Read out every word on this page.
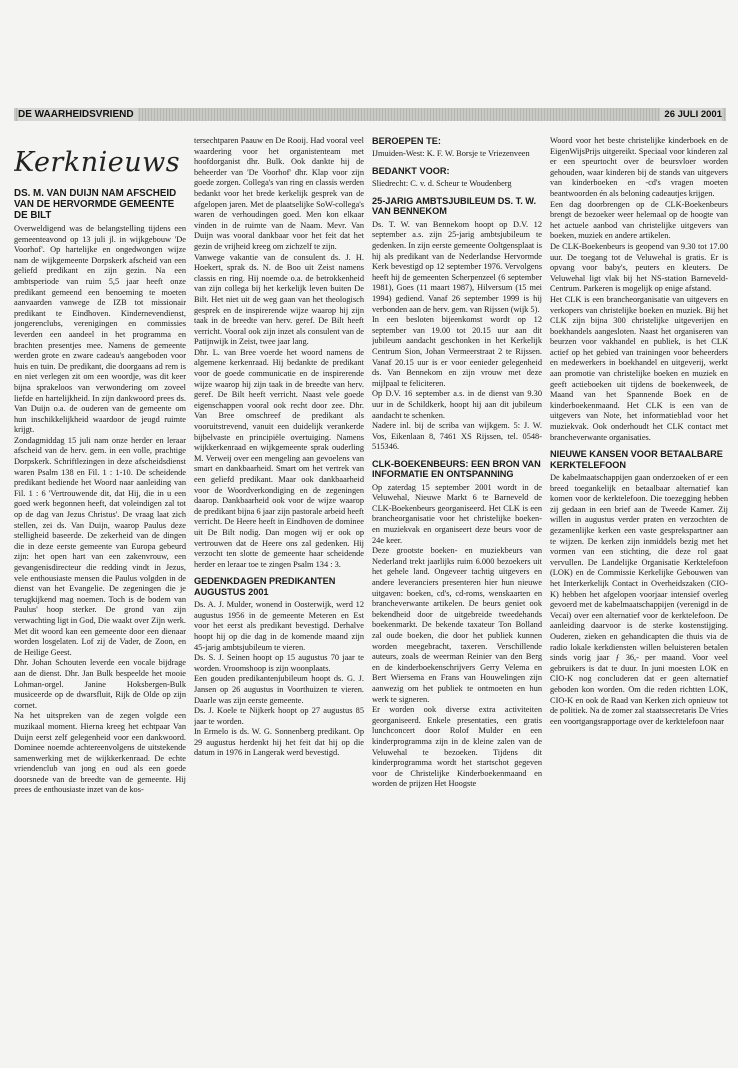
DE WAARHEIDSVRIEND	26 JULI 2001
Kerknieuws
DS. M. VAN DUIJN NAM AFSCHEID VAN DE HERVORMDE GEMEENTE DE BILT

Overweldigend was de belangstelling tijdens een gemeenteavond op 13 juli jl. in wijkgebouw 'De Voorhof'. Op hartelijke en ongedwongen wijze nam de wijkgemeente Dorpskerk afscheid van een geliefd predikant en zijn gezin. Na een ambtsperiode van ruim 5,5 jaar heeft onze predikant gemeend een benoeming te moeten aanvaarden vanwege de IZB tot missionair predikant te Eindhoven. Kindernevendienst, jongerenclubs, verenigingen en commissies leverden een aandeel in het programma en brachten presentjes mee. Namens de gemeente werden grote en zware cadeau's aangeboden voor huis en tuin. De predikant, die doorgaans ad rem is en niet verlegen zit om een woordje, was dit keer bijna sprakeloos van verwondering om zoveel liefde en hartelijkheid. In zijn dankwoord prees ds. Van Duijn o.a. de ouderen van de gemeente om hun inschikkelijkheid waardoor de jeugd ruimte krijgt.

Zondagmiddag 15 juli nam onze herder en leraar afscheid van de herv. gem. in een volle, prachtige Dorpskerk. Schriftlezingen in deze afscheidsdienst waren Psalm 138 en Fil. 1 : 1-10. De scheidende predikant bediende het Woord naar aanleiding van Fil. 1 : 6 'Vertrouwende dit, dat Hij, die in u een goed werk begonnen heeft, dat voleindigen zal tot op de dag van Jezus Christus'. De vraag laat zich stellen, zei ds. Van Duijn, waarop Paulus deze stelligheid baseerde. De zekerheid van de dingen die in deze eerste gemeente van Europa gebeurd zijn: het open hart van een zakenvrouw, een gevangenisdirecteur die redding vindt in Jezus, vele enthousiaste mensen die Paulus volgden in de dienst van het Evangelie. De zegeningen die je terugkijkend mag noemen. Toch is de bodem van Paulus' hoop sterker. De grond van zijn verwachting ligt in God, Die waakt over Zijn werk. Met dit woord kan een gemeente door een dienaar worden losgelaten. Lof zij de Vader, de Zoon, en de Heilige Geest.

Dhr. Johan Schouten leverde een vocale bijdrage aan de dienst. Dhr. Jan Bulk bespeelde het mooie Lohman-orgel. Janine Hoksbergen-Bulk musiceerde op de dwarsfluit, Rijk de Olde op zijn cornet.

Na het uitspreken van de zegen volgde een muzikaal moment. Hierna kreeg het echtpaar Van Duijn eerst zelf gelegenheid voor een dankwoord. Dominee noemde achtereenvolgens de uitstekende samenwerking met de wijkkerkenraad. De echte vriendenclub van jong en oud als een goede doorsnede van de breedte van de gemeente. Hij prees de enthousiaste inzet van de kos-

tersechtparen Paauw en De Rooij. Had vooral veel waardering voor het organistenteam met hoofdorganist dhr. Bulk. Ook dankte hij de beheerder van 'De Voorhof' dhr. Klap voor zijn goede zorgen. Collega's van ring en classis werden bedankt voor het brede kerkelijk gesprek van de afgelopen jaren. Met de plaatselijke SoW-collega's waren de verhoudingen goed. Men kon elkaar vinden in de ruimte van de Naam. Mevr. Van Duijn was vooral dankbaar voor het feit dat het gezin de vrijheid kreeg om zichzelf te zijn.

Vanwege vakantie van de consulent ds. J. H. Hoekert, sprak ds. N. de Boo uit Zeist namens classis en ring. Hij noemde o.a. de betrokkenheid van zijn collega bij het kerkelijk leven buiten De Bilt. Het niet uit de weg gaan van het theologisch gesprek en de inspirerende wijze waarop hij zijn taak in de breedte van herv. geref. De Bilt heeft verricht. Vooral ook zijn inzet als consulent van de Patijnwijk in Zeist, twee jaar lang.

Dhr. L. van Bree voerde het woord namens de algemene kerkenraad. Hij bedankte de predikant voor de goede communicatie en de inspirerende wijze waarop hij zijn taak in de breedte van herv. geref. De Bilt heeft verricht. Naast vele goede eigenschappen vooral ook recht door zee. Dhr. Van Bree omschreef de predikant als vooruitstrevend, vanuit een duidelijk verankerde bijbelvaste en principiële overtuiging. Namens wijkkerkenraad en wijkgemeente sprak ouderling M. Verweij over een mengeling aan gevoelens van smart en dankbaarheid. Smart om het vertrek van een geliefd predikant. Maar ook dankbaarheid voor de Woordverkondiging en de zegeningen daarop. Dankbaarheid ook voor de wijze waarop de predikant bijna 6 jaar zijn pastorale arbeid heeft verricht. De Heere heeft in Eindhoven de dominee uit De Bilt nodig. Dan mogen wij er ook op vertrouwen dat de Heere ons zal gedenken. Hij verzocht ten slotte de gemeente haar scheidende herder en leraar toe te zingen Psalm 134 : 3.

GEDENKDAGEN PREDIKANTEN AUGUSTUS 2001

Ds. A. J. Mulder, wonend in Oosterwijk, werd 12 augustus 1956 in de gemeente Meteren en Est voor het eerst als predikant bevestigd. Derhalve hoopt hij op die dag in de komende maand zijn 45-jarig ambtsjubileum te vieren.

Ds. S. J. Seinen hoopt op 15 augustus 70 jaar te worden. Vroomshoop is zijn woonplaats.

Een gouden predikantenjubileum hoopt ds. G. J. Jansen op 26 augustus in Voorthuizen te vieren. Daarle was zijn eerste gemeente.

Ds. J. Koele te Nijkerk hoopt op 27 augustus 85 jaar te worden.

In Ermelo is ds. W. G. Sonnenberg predikant. Op 29 augustus herdenkt hij het feit dat hij op die datum in 1976 in Langerak werd bevestigd.

BEROEPEN TE:

IJmuiden-West: K. F. W. Borsje te Vriezenveen

BEDANKT VOOR:

Sliedrecht: C. v. d. Scheur te Woudenberg

25-JARIG AMBTSJUBILEUM DS. T. W. VAN BENNEKOM

Ds. T. W. van Bennekom hoopt op D.V. 12 september a.s. zijn 25-jarig ambtsjubileum te gedenken. In zijn eerste gemeente Ooltgensplaat is hij als predikant van de Nederlandse Hervormde Kerk bevestigd op 12 september 1976. Vervolgens heeft hij de gemeenten Scherpenzeel (6 september 1981), Goes (11 maart 1987), Hilversum (15 mei 1994) gediend. Vanaf 26 september 1999 is hij verbonden aan de herv. gem. van Rijssen (wijk 5).

In een besloten bijeenkomst wordt op 12 september van 19.00 tot 20.15 uur aan dit jubileum aandacht geschonken in het Kerkelijk Centrum Sion, Johan Vermeerstraat 2 te Rijssen. Vanaf 20.15 uur is er voor eenieder gelegenheid ds. Van Bennekom en zijn vrouw met deze mijlpaal te feliciteren.

Op D.V. 16 september a.s. in de dienst van 9.30 uur in de Schildkerk, hoopt hij aan dit jubileum aandacht te schenken.

Nadere inl. bij de scriba van wijkgem. 5: J. W. Vos, Eikenlaan 8, 7461 XS Rijssen, tel. 0548-515346.

CLK-BOEKENBEURS: EEN BRON VAN INFORMATIE EN ONTSPANNING

Op zaterdag 15 september 2001 wordt in de Veluwehal, Nieuwe Markt 6 te Barneveld de CLK-Boekenbeurs georganiseerd. Het CLK is een brancheorganisatie voor het christelijke boeken- en muziekvak en organiseert deze beurs voor de 24e keer.

Deze grootste boeken- en muziekbeurs van Nederland trekt jaarlijks ruim 6.000 bezoekers uit het gehele land. Ongeveer tachtig uitgevers en andere leveranciers presenteren hier hun nieuwe uitgaven: boeken, cd's, cd-roms, wenskaarten en brancheverwante artikelen. De beurs geniet ook bekendheid door de uitgebreide tweedehands boekenmarkt. De bekende taxateur Ton Bolland zal oude boeken, die door het publiek kunnen worden meegebracht, taxeren. Verschillende auteurs, zoals de weerman Reinier van den Berg en de kinderboekenschrijvers Gerry Velema en Bert Wiersema en Frans van Houwelingen zijn aanwezig om het publiek te ontmoeten en hun werk te signeren.

Er worden ook diverse extra activiteiten georganiseerd. Enkele presentaties, een gratis lunchconcert door Rolof Mulder en een kinderprogramma zijn in de kleine zalen van de Veluwehal te bezoeken. Tijdens dit kinderprogramma wordt het startschot gegeven voor de Christelijke Kinderboekenmaand en worden de prijzen Het Hoogste

Woord voor het beste christelijke kinderboek en de EigenWijsPrijs uitgereikt. Speciaal voor kinderen zal er een speurtocht over de beursvloer worden gehouden, waar kinderen bij de stands van uitgevers van kinderboeken en -cd's vragen moeten beantwoorden én als beloning cadeautjes krijgen.

Een dag doorbrengen op de CLK-Boekenbeurs brengt de bezoeker weer helemaal op de hoogte van het actuele aanbod van christelijke uitgevers van boeken, muziek en andere artikelen.

De CLK-Boekenbeurs is geopend van 9.30 tot 17.00 uur. De toegang tot de Veluwehal is gratis. Er is opvang voor baby's, peuters en kleuters. De Veluwehal ligt vlak bij het NS-station Barneveld-Centrum. Parkeren is mogelijk op enige afstand.

Het CLK is een brancheorganisatie van uitgevers en verkopers van christelijke boeken en muziek. Bij het CLK zijn bijna 300 christelijke uitgeverijen en boekhandels aangesloten. Naast het organiseren van beurzen voor vakhandel en publiek, is het CLK actief op het gebied van trainingen voor beheerders en medewerkers in boekhandel en uitgeverij, werkt aan promotie van christelijke boeken en muziek en geeft actieboeken uit tijdens de boekenweek, de Maand van het Spannende Boek en de kinderboekenmaand. Het CLK is een van de uitgevers van Note, het informatieblad voor het muziekvak. Ook onderhoudt het CLK contact met brancheverwante organisaties.

NIEUWE KANSEN VOOR BETAALBARE KERKTELEFOON

De kabelmaatschappijen gaan onderzoeken of er een breed toegankelijk en betaalbaar alternatief kan komen voor de kerktelefoon. Die toezegging hebben zij gedaan in een brief aan de Tweede Kamer. Zij willen in augustus verder praten en verzochten de gezamenlijke kerken een vaste gesprekspartner aan te wijzen. De kerken zijn inmiddels bezig met het vormen van een stichting, die deze rol gaat vervullen. De Landelijke Organisatie Kerktelefoon (LOK) en de Commissie Kerkelijke Gebouwen van het Interkerkelijk Contact in Overheidszaken (CIO-K) hebben het afgelopen voorjaar intensief overleg gevoerd met de kabelmaatschappijen (verenigd in de Vecai) over een alternatief voor de kerktelefoon. De aanleiding daarvoor is de sterke kostenstijging. Ouderen, zieken en gehandicapten die thuis via de radio lokale kerkdiensten willen beluisteren betalen sinds vorig jaar ƒ 36,- per maand. Voor veel gebruikers is dat te duur. In juni moesten LOK en CIO-K nog concluderen dat er geen alternatief geboden kon worden. Om die reden richtten LOK, CIO-K en ook de Raad van Kerken zich opnieuw tot de politiek. Na de zomer zal staatssecretaris De Vries een voortgangsrapportage over de kerktelefoon naar
